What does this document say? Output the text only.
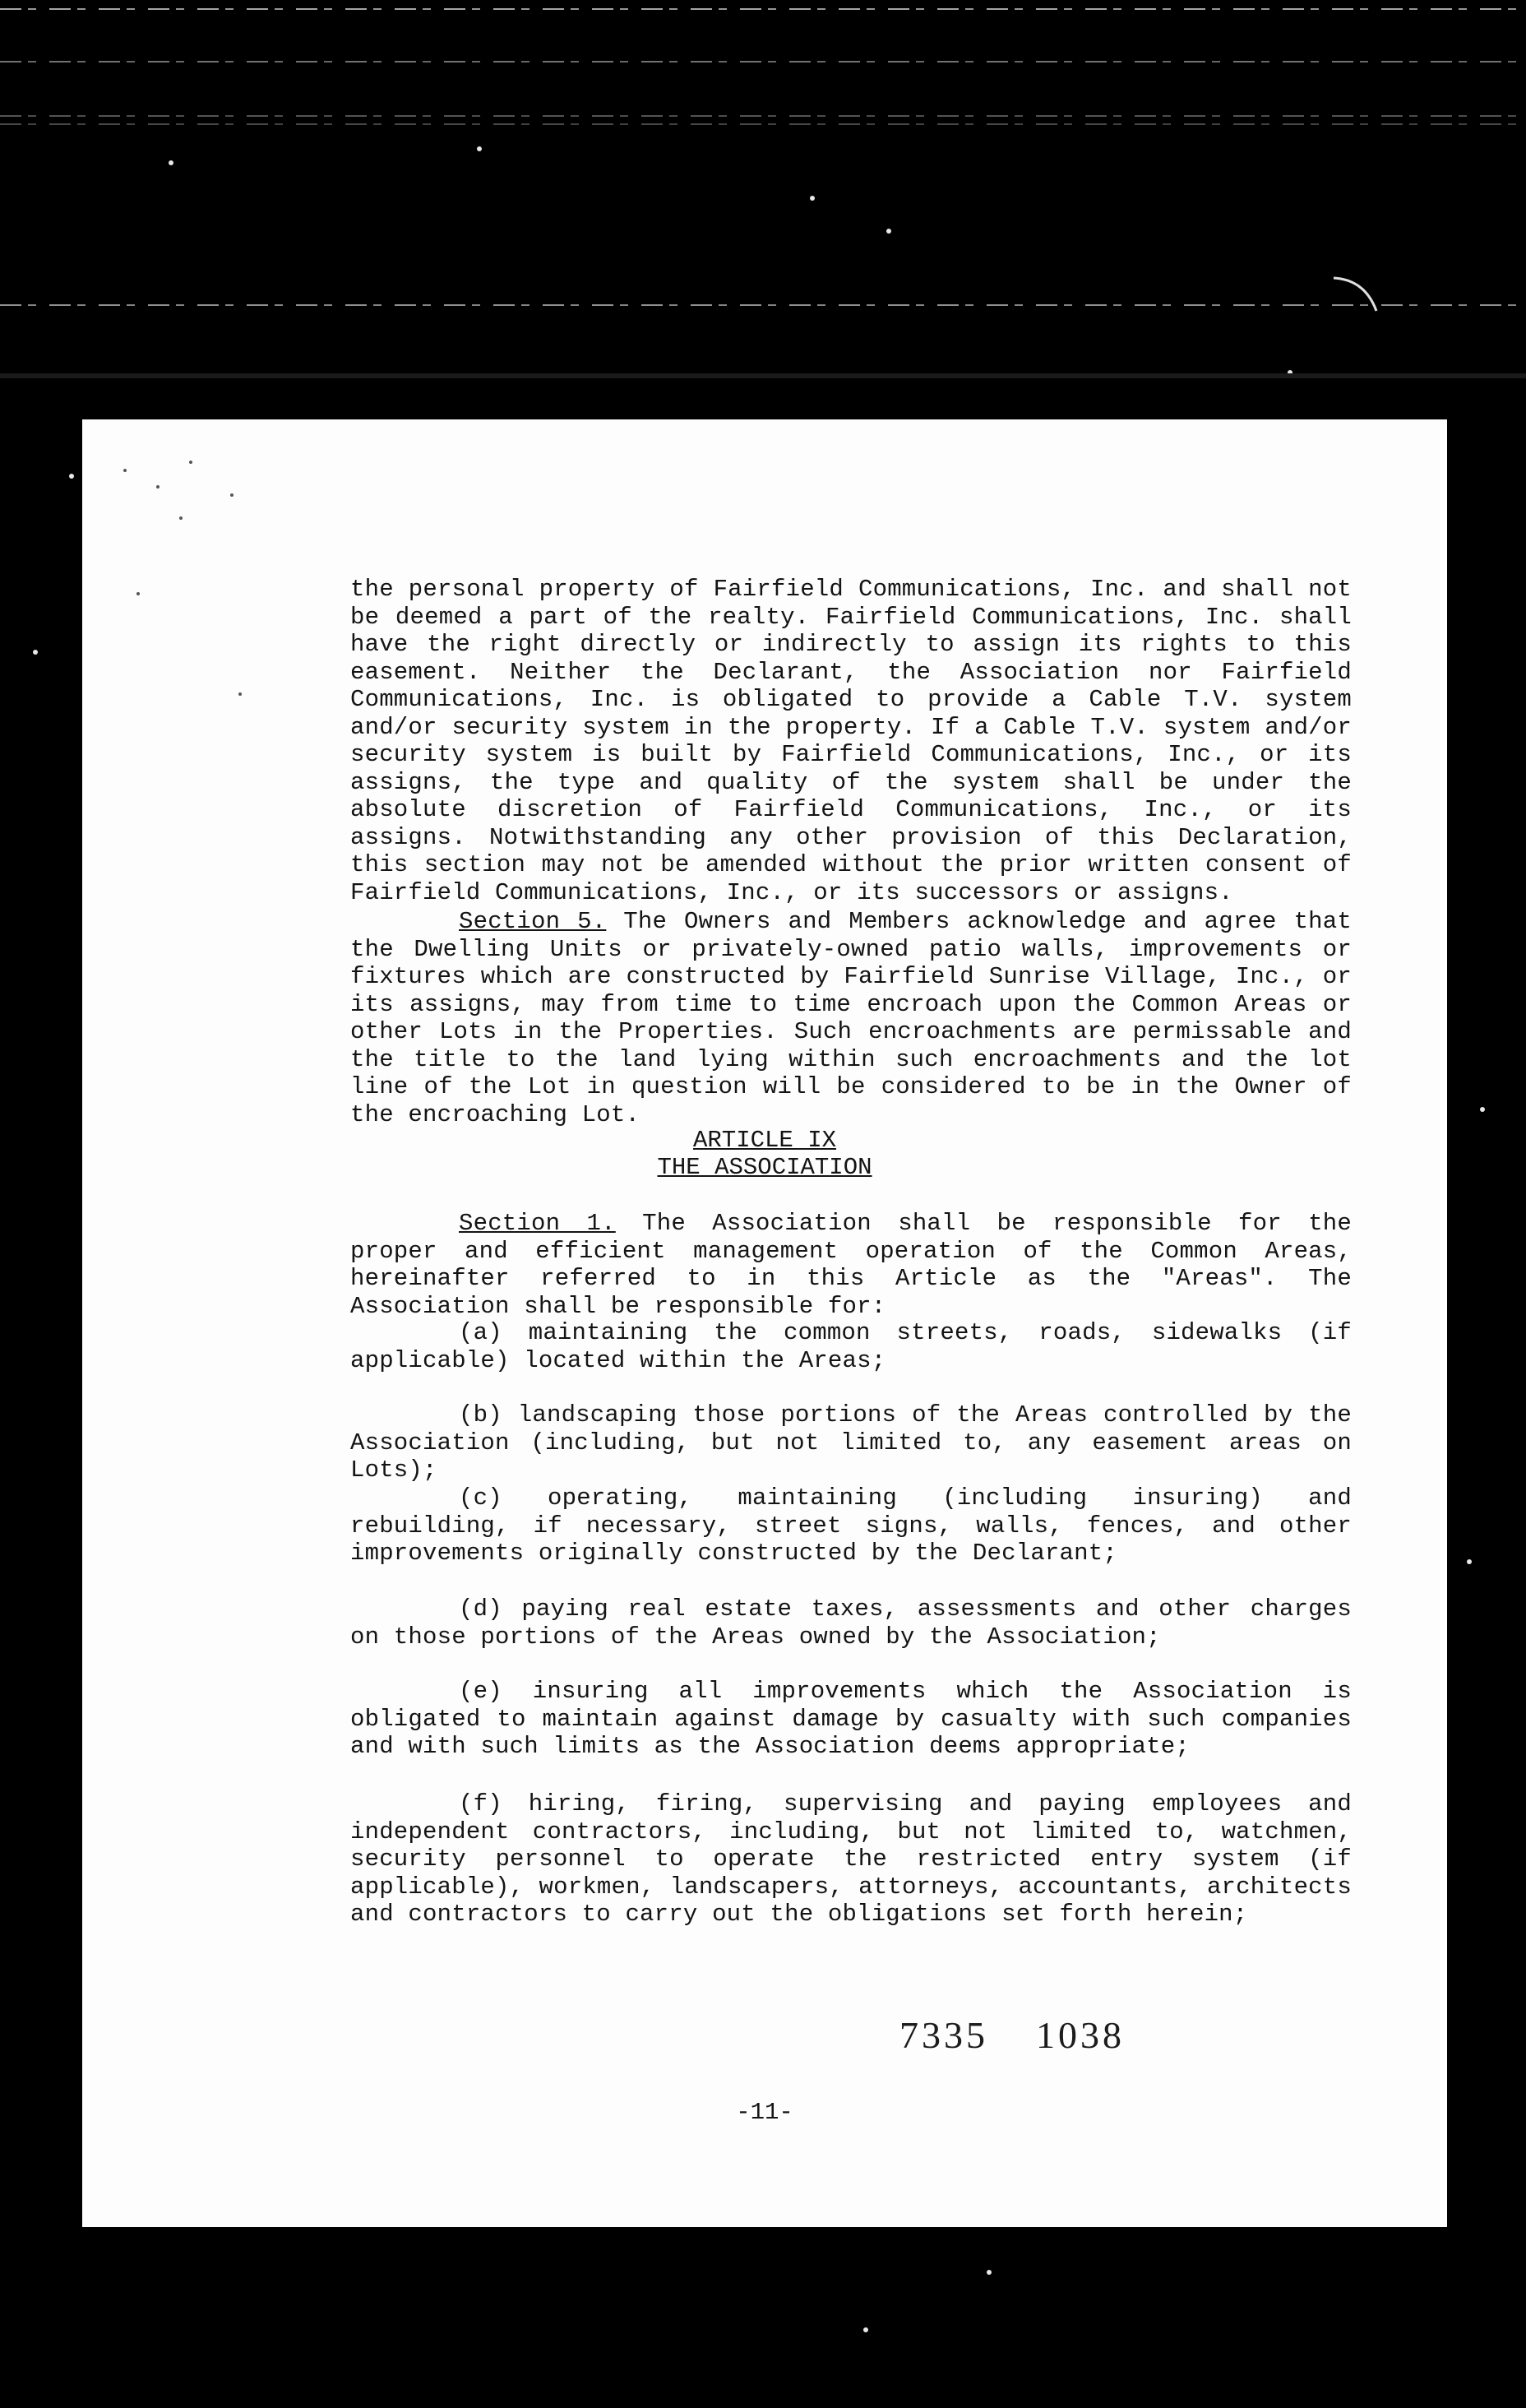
the personal property of Fairfield Communications, Inc. and shall not be deemed a part of the realty. Fairfield Communications, Inc. shall have the right directly or indirectly to assign its rights to this easement. Neither the Declarant, the Association nor Fairfield Communications, Inc. is obligated to provide a Cable T.V. system and/or security system in the property. If a Cable T.V. system and/or security system is built by Fairfield Communications, Inc., or its assigns, the type and quality of the system shall be under the absolute discretion of Fairfield Communications, Inc., or its assigns. Notwithstanding any other provision of this Declaration, this section may not be amended without the prior written consent of Fairfield Communications, Inc., or its successors or assigns.

Section 5. The Owners and Members acknowledge and agree that the Dwelling Units or privately-owned patio walls, improvements or fixtures which are constructed by Fairfield Sunrise Village, Inc., or its assigns, may from time to time encroach upon the Common Areas or other Lots in the Properties. Such encroachments are permissable and the title to the land lying within such encroachments and the lot line of the Lot in question will be considered to be in the Owner of the encroaching Lot.

ARTICLE IX
THE ASSOCIATION

Section 1. The Association shall be responsible for the proper and efficient management operation of the Common Areas, hereinafter referred to in this Article as the "Areas". The Association shall be responsible for:

(a) maintaining the common streets, roads, sidewalks (if applicable) located within the Areas;

(b) landscaping those portions of the Areas controlled by the Association (including, but not limited to, any easement areas on Lots);

(c) operating, maintaining (including insuring) and rebuilding, if necessary, street signs, walls, fences, and other improvements originally constructed by the Declarant;

(d) paying real estate taxes, assessments and other charges on those portions of the Areas owned by the Association;

(e) insuring all improvements which the Association is obligated to maintain against damage by casualty with such companies and with such limits as the Association deems appropriate;

(f) hiring, firing, supervising and paying employees and independent contractors, including, but not limited to, watchmen, security personnel to operate the restricted entry system (if applicable), workmen, landscapers, attorneys, accountants, architects and contractors to carry out the obligations set forth herein;

7335 1038
-11-
